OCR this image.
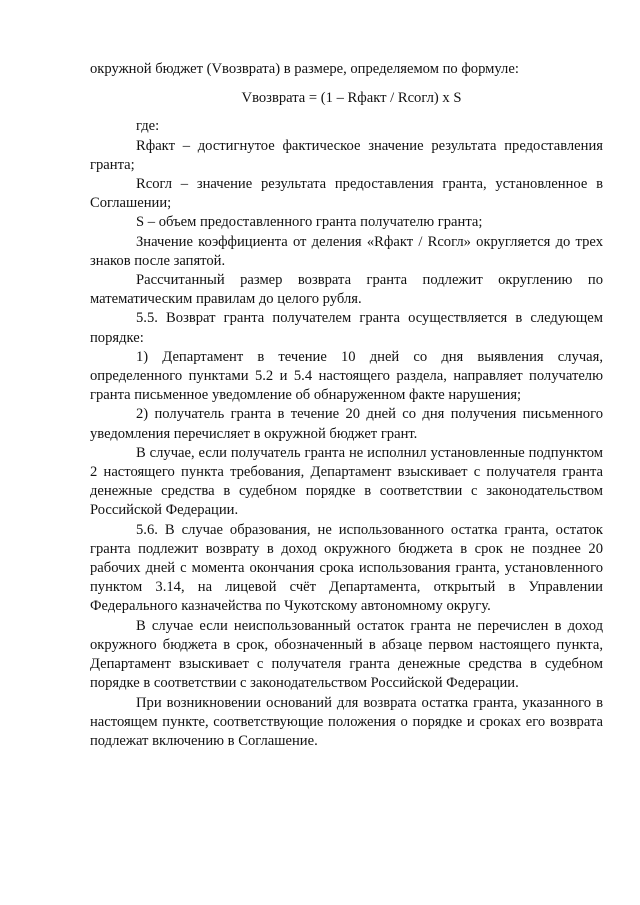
окружной бюджет (Vвозврата) в размере, определяемом по формуле:

Vвозврата = (1 – Rфакт / Rсогл) х S

где:

Rфакт – достигнутое фактическое значение результата предоставления гранта;

Rсогл – значение результата предоставления гранта, установленное в Соглашении;

S – объем предоставленного гранта получателю гранта;

Значение коэффициента от деления «Rфакт / Rсогл» округляется до трех знаков после запятой.

Рассчитанный размер возврата гранта подлежит округлению по математическим правилам до целого рубля.

5.5. Возврат гранта получателем гранта осуществляется в следующем порядке:

1) Департамент в течение 10 дней со дня выявления случая, определенного пунктами 5.2 и 5.4 настоящего раздела, направляет получателю гранта письменное уведомление об обнаруженном факте нарушения;

2) получатель гранта в течение 20 дней со дня получения письменного уведомления перечисляет в окружной бюджет грант.

В случае, если получатель гранта не исполнил установленные подпунктом 2 настоящего пункта требования, Департамент взыскивает с получателя гранта денежные средства в судебном порядке в соответствии с законодательством Российской Федерации.

5.6. В случае образования, не использованного остатка гранта, остаток гранта подлежит возврату в доход окружного бюджета в срок не позднее 20 рабочих дней с момента окончания срока использования гранта, установленного пунктом 3.14, на лицевой счёт Департамента, открытый в Управлении Федерального казначейства по Чукотскому автономному округу.

В случае если неиспользованный остаток гранта не перечислен в доход окружного бюджета в срок, обозначенный в абзаце первом настоящего пункта, Департамент взыскивает с получателя гранта денежные средства в судебном порядке в соответствии с законодательством Российской Федерации.

При возникновении оснований для возврата остатка гранта, указанного в настоящем пункте, соответствующие положения о порядке и сроках его возврата подлежат включению в Соглашение.
